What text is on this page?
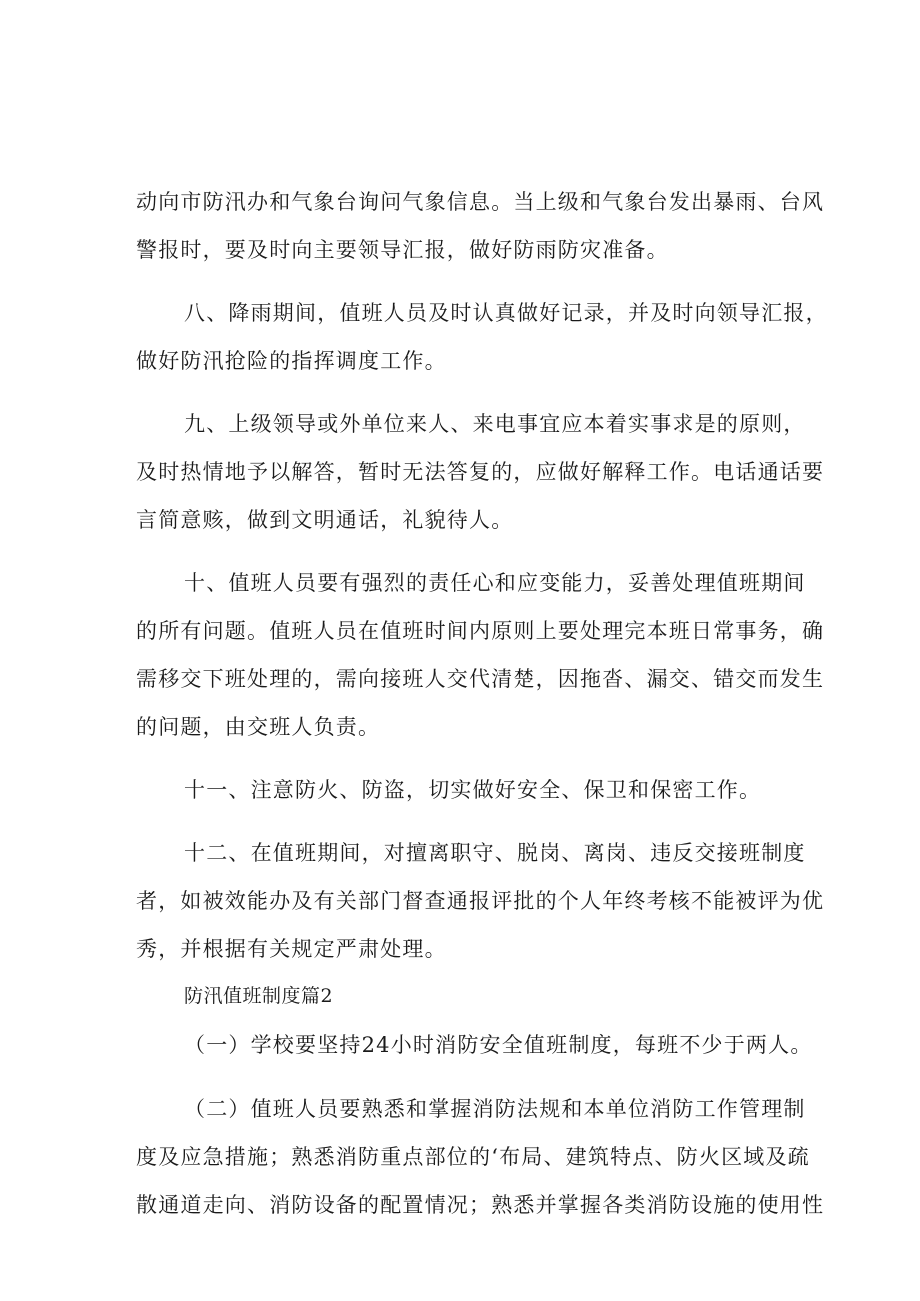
动向市防汛办和气象台询问气象信息。当上级和气象台发出暴雨、台风
警报时，要及时向主要领导汇报，做好防雨防灾准备。
八、降雨期间，值班人员及时认真做好记录，并及时向领导汇报，
做好防汛抢险的指挥调度工作。
九、上级领导或外单位来人、来电事宜应本着实事求是的原则，
及时热情地予以解答，暂时无法答复的，应做好解释工作。电话通话要
言简意赅，做到文明通话，礼貌待人。
十、值班人员要有强烈的责任心和应变能力，妥善处理值班期间
的所有问题。值班人员在值班时间内原则上要处理完本班日常事务，确
需移交下班处理的，需向接班人交代清楚，因拖沓、漏交、错交而发生
的问题，由交班人负责。
十一、注意防火、防盗，切实做好安全、保卫和保密工作。
十二、在值班期间，对擅离职守、脱岗、离岗、违反交接班制度
者，如被效能办及有关部门督查通报评批的个人年终考核不能被评为优
秀，并根据有关规定严肃处理。
防汛值班制度篇2
（一）学校要坚持24小时消防安全值班制度，每班不少于两人。
（二）值班人员要熟悉和掌握消防法规和本单位消防工作管理制
度及应急措施；熟悉消防重点部位的‘布局、建筑特点、防火区域及疏
散通道走向、消防设备的配置情况；熟悉并掌握各类消防设施的使用性
